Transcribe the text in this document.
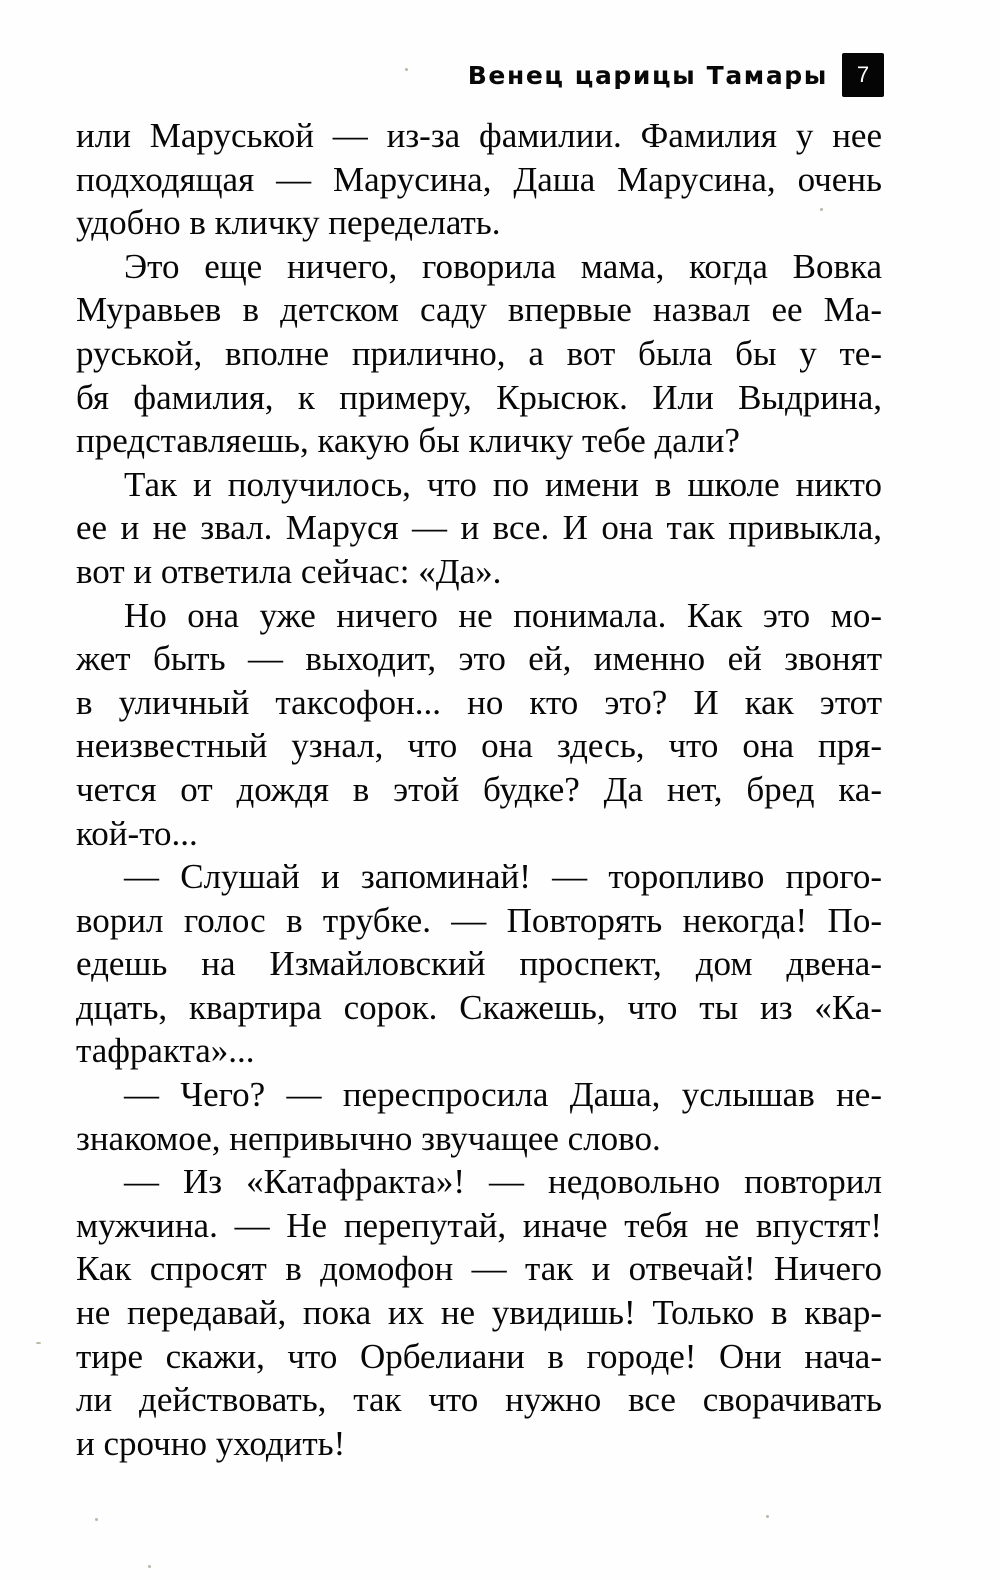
Венец царицы Тамары 7
или Маруськой — из-за фамилии. Фамилия у нее
подходящая — Марусина, Даша Марусина, очень
удобно в кличку переделать.
Это еще ничего, говорила мама, когда Вовка
Муравьев в детском саду впервые назвал ее Ма-
руськой, вполне прилично, а вот была бы у те-
бя фамилия, к примеру, Крысюк. Или Выдрина,
представляешь, какую бы кличку тебе дали?
Так и получилось, что по имени в школе никто
ее и не звал. Маруся — и все. И она так привыкла,
вот и ответила сейчас: «Да».
Но она уже ничего не понимала. Как это мо-
жет быть — выходит, это ей, именно ей звонят
в уличный таксофон... но кто это? И как этот
неизвестный узнал, что она здесь, что она пря-
чется от дождя в этой будке? Да нет, бред ка-
кой-то...
— Слушай и запоминай! — торопливо прого-
ворил голос в трубке. — Повторять некогда! По-
едешь на Измайловский проспект, дом двена-
дцать, квартира сорок. Скажешь, что ты из «Ка-
тафракта»...
— Чего? — переспросила Даша, услышав не-
знакомое, непривычно звучащее слово.
— Из «Катафракта»! — недовольно повторил
мужчина. — Не перепутай, иначе тебя не впустят!
Как спросят в домофон — так и отвечай! Ничего
не передавай, пока их не увидишь! Только в квар-
тире скажи, что Орбелиани в городе! Они нача-
ли действовать, так что нужно все сворачивать
и срочно уходить!
